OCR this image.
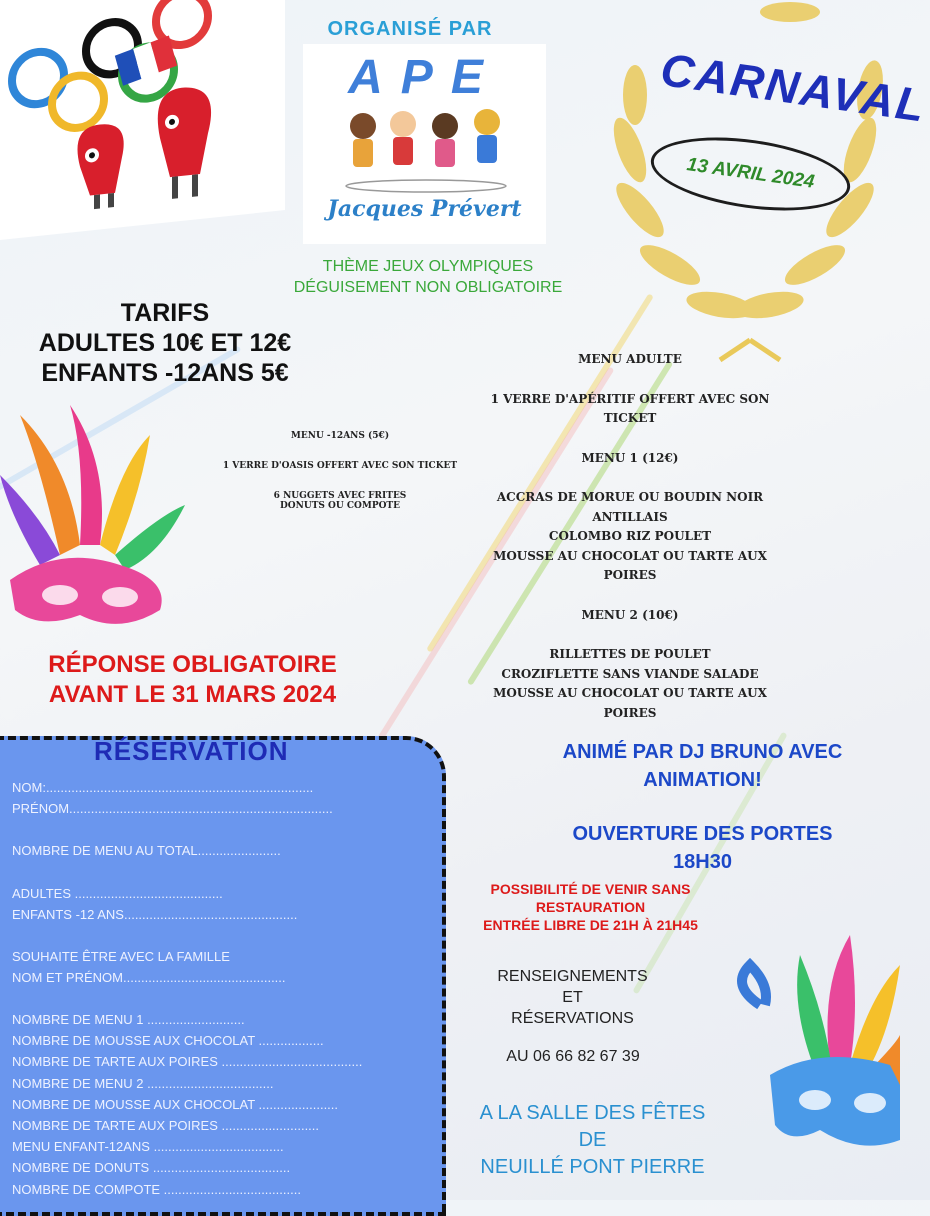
ORGANISÉ PAR
APE
Jacques Prévert
THÈME JEUX OLYMPIQUES
DÉGUISEMENT NON OBLIGATOIRE
CARNAVAL
13 AVRIL 2024
TARIFS
ADULTES 10€ ET 12€
ENFANTS -12ANS 5€

MENU -12ANS (5€)

1 VERRE D'OASIS OFFERT AVEC SON TICKET

6 NUGGETS AVEC FRITES

DONUTS OU COMPOTE

MENU ADULTE

1 VERRE D'APÉRITIF OFFERT AVEC SON TICKET

MENU 1 (12€)

ACCRAS DE MORUE OU BOUDIN NOIR

ANTILLAIS

COLOMBO RIZ POULET

MOUSSE AU CHOCOLAT OU TARTE AUX

POIRES

MENU 2 (10€)

RILLETTES DE POULET

CROZIFLETTE SANS VIANDE SALADE

MOUSSE AU CHOCOLAT OU TARTE AUX

POIRES

RÉPONSE OBLIGATOIRE
AVANT LE 31 MARS 2024
NOM:..........................................................................
PRÉNOM.........................................................................
NOMBRE DE MENU AU TOTAL.......................
ADULTES .........................................
ENFANTS -12 ANS................................................
SOUHAITE ÊTRE AVEC LA FAMILLE
NOM ET PRÉNOM.............................................
NOMBRE DE MENU 1 ...........................
NOMBRE DE MOUSSE AUX CHOCOLAT ..................
NOMBRE DE TARTE AUX POIRES .......................................
NOMBRE DE MENU 2 ...................................
NOMBRE DE MOUSSE AUX CHOCOLAT ......................
NOMBRE DE TARTE AUX POIRES ...........................
MENU ENFANT-12ANS ....................................
NOMBRE DE DONUTS ......................................
NOMBRE DE COMPOTE ......................................
RÉSERVATION	ANIMÉ PAR DJ BRUNO AVEC
ANIMATION!
OUVERTURE DES PORTES
18H30
POSSIBILITÉ DE VENIR SANS
RESTAURATION
ENTRÉE LIBRE DE 21H À 21H45
RENSEIGNEMENTS
ET
RÉSERVATIONS
AU 06 66 82 67 39
A LA SALLE DES FÊTES
DE
NEUILLÉ PONT PIERRE
